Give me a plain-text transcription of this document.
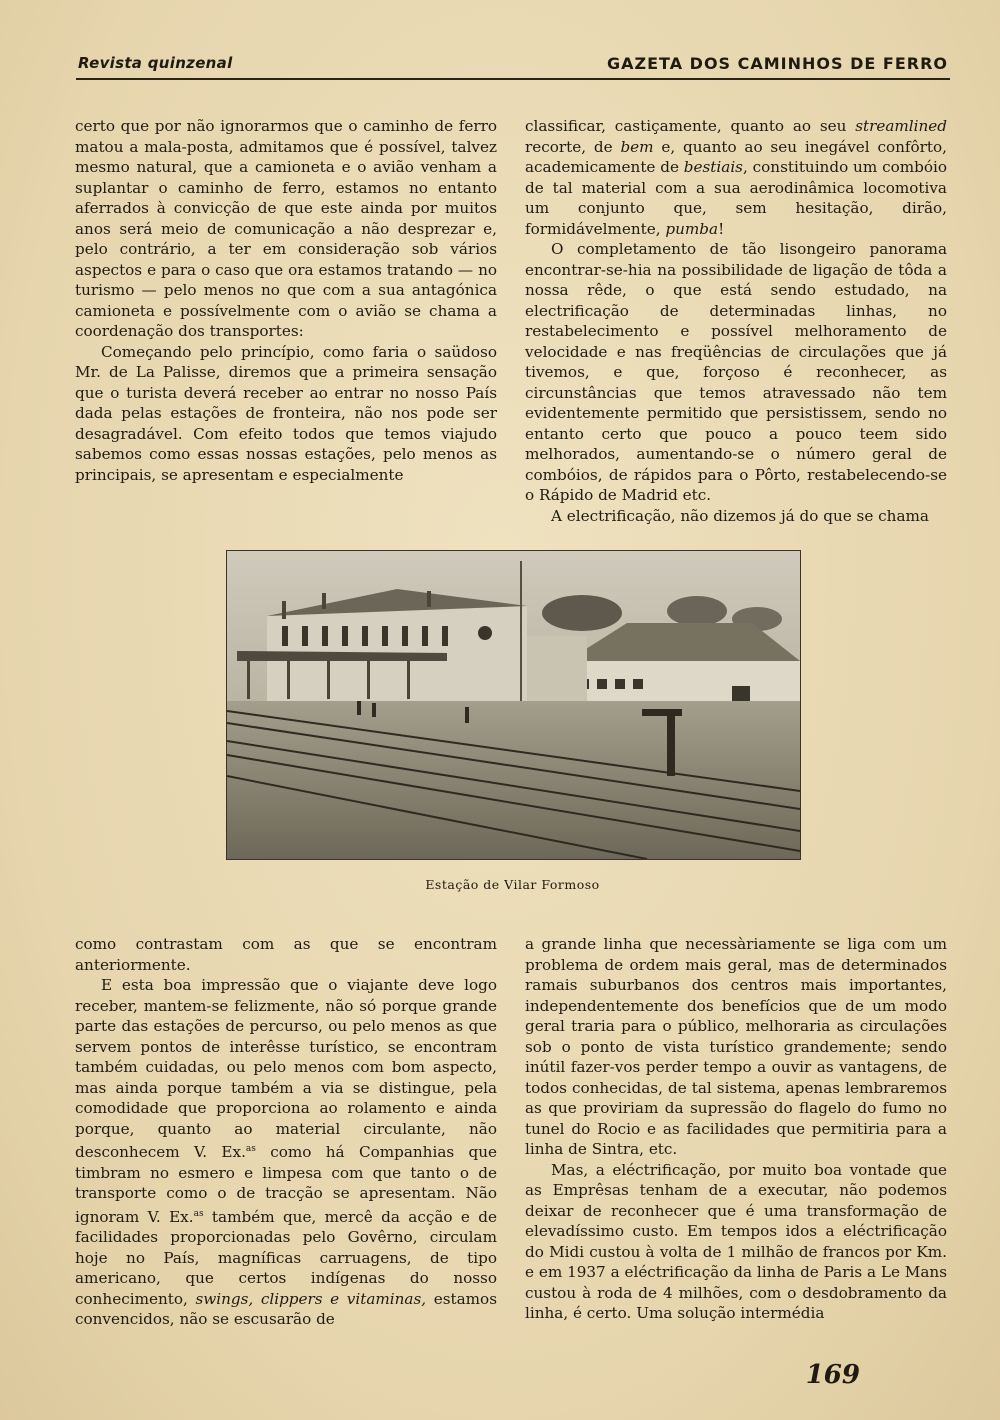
Revista quinzenal	GAZETA DOS CAMINHOS DE FERRO

certo que por não ignorarmos que o caminho de ferro matou a mala-posta, admitamos que é possível, talvez mesmo natural, que a camioneta e o avião venham a suplantar o caminho de ferro, estamos no entanto aferrados à convicção de que este ainda por muitos anos será meio de comunicação a não desprezar e, pelo contrário, a ter em consideração sob vários aspectos e para o caso que ora estamos tratando — no turismo — pelo menos no que com a sua antagónica camioneta e possívelmente com o avião se chama a coordenação dos transportes:

Começando pelo princípio, como faria o saüdoso Mr. de La Palisse, diremos que a primeira sensação que o turista deverá receber ao entrar no nosso País dada pelas estações de fronteira, não nos pode ser desagradável. Com efeito todos que temos viajudo sabemos como essas nossas estações, pelo menos as principais, se apresentam e especialmente

classificar, castiçamente, quanto ao seu streamlined recorte, de bem e, quanto ao seu inegável confôrto, academicamente de bestiais, constituindo um combóio de tal material com a sua aerodinâmica locomotiva um conjunto que, sem hesitação, dirão, formidávelmente, pumba!

O completamento de tão lisongeiro panorama encontrar-se-hia na possibilidade de ligação de tôda a nossa rêde, o que está sendo estudado, na electrificação de determinadas linhas, no restabelecimento e possível melhoramento de velocidade e nas freqüências de circulações que já tivemos, e que, forçoso é reconhecer, as circunstâncias que temos atravessado não tem evidentemente permitido que persistissem, sendo no entanto certo que pouco a pouco teem sido melhorados, aumentando-se o número geral de combóios, de rápidos para o Pôrto, restabelecendo-se o Rápido de Madrid etc.

A electrificação, não dizemos já do que se chama

Estação de Vilar Formoso

como contrastam com as que se encontram anteriormente.

E esta boa impressão que o viajante deve logo receber, mantem-se felizmente, não só porque grande parte das estações de percurso, ou pelo menos as que servem pontos de interêsse turístico, se encontram também cuidadas, ou pelo menos com bom aspecto, mas ainda porque também a via se distingue, pela comodidade que proporciona ao rolamento e ainda porque, quanto ao material circulante, não desconhecem V. Ex.$^{as}$ como há Companhias que timbram no esmero e limpesa com que tanto o de transporte como o de tracção se apresentam. Não ignoram V. Ex.$^{as}$ também que, mercê da acção e de facilidades proporcionadas pelo Govêrno, circulam hoje no País, magníficas carruagens, de tipo americano, que certos indígenas do nosso conhecimento, swings, clippers e vitaminas, estamos convencidos, não se escusarão de

a grande linha que necessàriamente se liga com um problema de ordem mais geral, mas de determinados ramais suburbanos dos centros mais importantes, independentemente dos benefícios que de um modo geral traria para o público, melhoraria as circulações sob o ponto de vista turístico grandemente; sendo inútil fazer-vos perder tempo a ouvir as vantagens, de todos conhecidas, de tal sistema, apenas lembraremos as que proviriam da supressão do flagelo do fumo no tunel do Rocio e as facilidades que permitiria para a linha de Sintra, etc.

Mas, a eléctrificação, por muito boa vontade que as Emprêsas tenham de a executar, não podemos deixar de reconhecer que é uma transformação de elevadíssimo custo. Em tempos idos a eléctrificação do Midi custou à volta de 1 milhão de francos por Km. e em 1937 a eléctrificação da linha de Paris a Le Mans custou à roda de 4 milhões, com o desdobramento da linha, é certo. Uma solução intermédia

169
